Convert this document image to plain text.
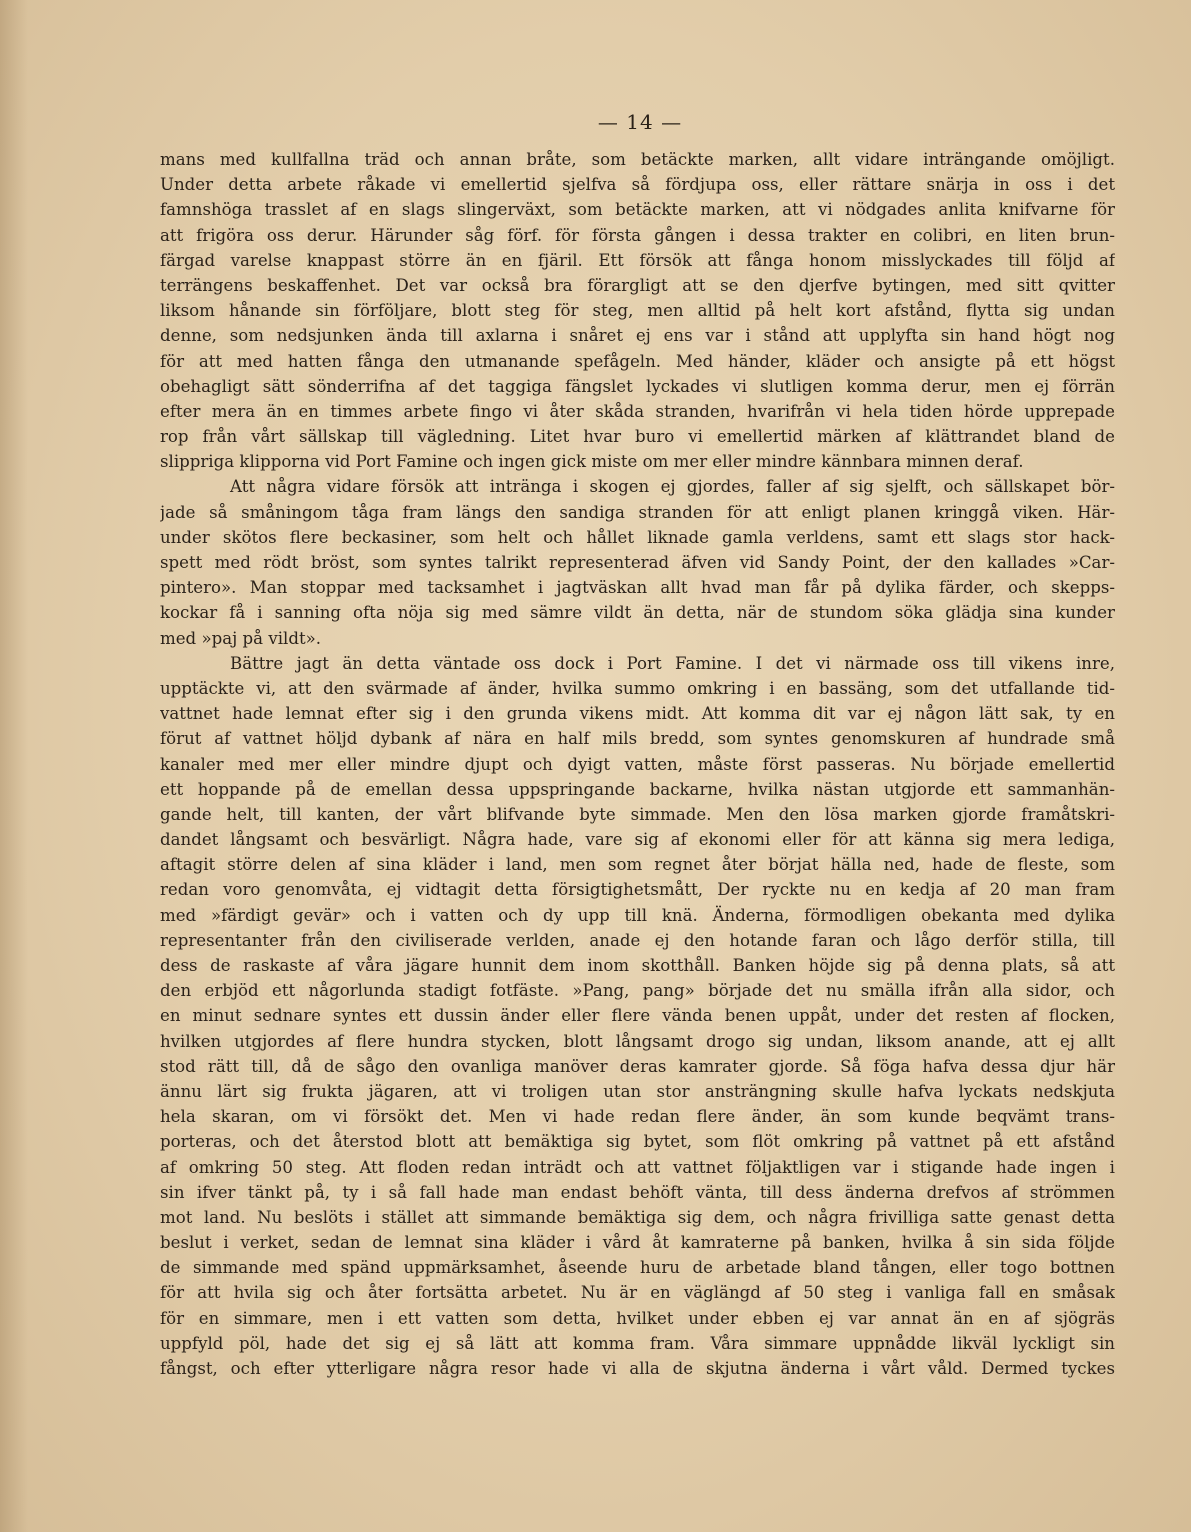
— 14 —
mans med kullfallna träd och annan bråte, som betäckte marken, allt vidare inträngande omöjligt.
Under detta arbete råkade vi emellertid sjelfva så fördjupa oss, eller rättare snärja in oss i det
famnshöga trasslet af en slags slingerväxt, som betäckte marken, att vi nödgades anlita knifvarne för
att frigöra oss derur. Härunder såg förf. för första gången i dessa trakter en colibri, en liten brun-
färgad varelse knappast större än en fjäril. Ett försök att fånga honom misslyckades till följd af
terrängens beskaffenhet. Det var också bra förargligt att se den djerfve bytingen, med sitt qvitter
liksom hånande sin förföljare, blott steg för steg, men alltid på helt kort afstånd, flytta sig undan
denne, som nedsjunken ända till axlarna i snåret ej ens var i stånd att upplyfta sin hand högt nog
för att med hatten fånga den utmanande spefågeln. Med händer, kläder och ansigte på ett högst
obehagligt sätt sönderrifna af det taggiga fängslet lyckades vi slutligen komma derur, men ej förrän
efter mera än en timmes arbete fingo vi åter skåda stranden, hvarifrån vi hela tiden hörde upprepade
rop från vårt sällskap till vägledning. Litet hvar buro vi emellertid märken af klättrandet bland de
slippriga klipporna vid Port Famine och ingen gick miste om mer eller mindre kännbara minnen deraf.
Att några vidare försök att inträngа i skogen ej gjordes, faller af sig sjelft, och sällskapet bör-
jade så småningom tåga fram längs den sandiga stranden för att enligt planen kringgå viken. Här-
under skötos flere beckasiner, som helt och hållet liknade gamla verldens, samt ett slags stor hack-
spett med rödt bröst, som syntes talrikt representerad äfven vid Sandy Point, der den kallades »Car-
pintero». Man stoppar med tacksamhet i jagtväskan allt hvad man får på dylika färder, och skepps-
kockar få i sanning ofta nöja sig med sämre vildt än detta, när de stundom söka glädja sina kunder
med »paj på vildt».
Bättre jagt än detta väntade oss dock i Port Famine. I det vi närmade oss till vikens inre,
upptäckte vi, att den svärmade af änder, hvilka summo omkring i en bassäng, som det utfallande tid-
vattnet hade lemnat efter sig i den grunda vikens midt. Att komma dit var ej någon lätt sak, ty en
förut af vattnet höljd dybank af nära en half mils bredd, som syntes genomskuren af hundrade små
kanaler med mer eller mindre djupt och dyigt vatten, måste först passeras. Nu började emellertid
ett hoppande på de emellan dessa uppspringande backarne, hvilka nästan utgjorde ett sammanhän-
gande helt, till kanten, der vårt blifvande byte simmade. Men den lösa marken gjorde framåtskri-
dandet långsamt och besvärligt. Några hade, vare sig af ekonomi eller för att känna sig mera lediga,
aftagit större delen af sina kläder i land, men som regnet åter börjat hälla ned, hade de fleste, som
redan voro genomvåta, ej vidtagit detta försigtighetsmått, Der ryckte nu en kedja af 20 man fram
med »färdigt gevär» och i vatten och dy upp till knä. Änderna, förmodligen obekanta med dylika
representanter från den civiliserade verlden, anade ej den hotande faran och lågo derför stilla, till
dess de raskaste af våra jägare hunnit dem inom skotthåll. Banken höjde sig på denna plats, så att
den erbjöd ett någorlunda stadigt fotfäste. »Pang, pang» började det nu smälla ifrån alla sidor, och
en minut sednare syntes ett dussin änder eller flere vända benen uppåt, under det resten af flocken,
hvilken utgjordes af flere hundra stycken, blott långsamt drogo sig undan, liksom anande, att ej allt
stod rätt till, då de sågo den ovanliga manöver deras kamrater gjorde. Så föga hafva dessa djur här
ännu lärt sig frukta jägaren, att vi troligen utan stor ansträngning skulle hafva lyckats nedskjuta
hela skaran, om vi försökt det. Men vi hade redan flere änder, än som kunde beqvämt trans-
porteras, och det återstod blott att bemäktiga sig bytet, som flöt omkring på vattnet på ett afstånd
af omkring 50 steg. Att floden redan inträdt och att vattnet följaktligen var i stigande hade ingen i
sin ifver tänkt på, ty i så fall hade man endast behöft vänta, till dess änderna drefvos af strömmen
mot land. Nu beslöts i stället att simmande bemäktiga sig dem, och några frivilliga satte genast detta
beslut i verket, sedan de lemnat sina kläder i vård åt kamraterne på banken, hvilka å sin sida följde
de simmande med spänd uppmärksamhet, åseende huru de arbetade bland tången, eller togo bottnen
för att hvila sig och åter fortsätta arbetet. Nu är en väglängd af 50 steg i vanliga fall en småsak
för en simmare, men i ett vatten som detta, hvilket under ebben ej var annat än en af sjögräs
uppfyld pöl, hade det sig ej så lätt att komma fram. Våra simmare uppnådde likväl lyckligt sin
fångst, och efter ytterligare några resor hade vi alla de skjutna änderna i vårt våld. Dermed tyckes
